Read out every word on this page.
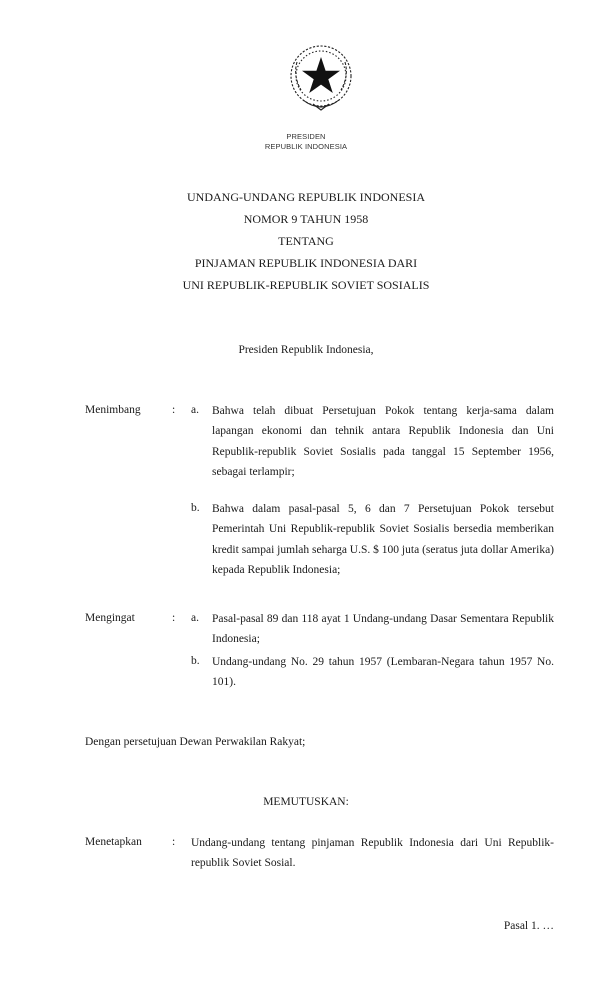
PRESIDEN
REPUBLIK INDONESIA
UNDANG-UNDANG REPUBLIK INDONESIA
NOMOR 9 TAHUN 1958
TENTANG
PINJAMAN REPUBLIK INDONESIA DARI
UNI REPUBLIK-REPUBLIK SOVIET SOSIALIS
Presiden Republik Indonesia,
Menimbang	: a. Bahwa telah dibuat Persetujuan Pokok tentang kerja-sama dalam lapangan ekonomi dan tehnik antara Republik Indonesia dan Uni Republik-republik Soviet Sosialis pada tanggal 15 September 1956, sebagai terlampir;
b. Bahwa dalam pasal-pasal 5, 6 dan 7 Persetujuan Pokok tersebut Pemerintah Uni Republik-republik Soviet Sosialis bersedia memberikan kredit sampai jumlah seharga U.S. $ 100 juta (seratus juta dollar Amerika) kepada Republik Indonesia;
Mengingat	: a. Pasal-pasal 89 dan 118 ayat 1 Undang-undang Dasar Sementara Republik Indonesia;
b. Undang-undang No. 29 tahun 1957 (Lembaran-Negara tahun 1957 No. 101).
Dengan persetujuan Dewan Perwakilan Rakyat;
MEMUTUSKAN:
Menetapkan	: Undang-undang tentang pinjaman Republik Indonesia dari Uni Republik-republik Soviet Sosial.
Pasal 1. …
